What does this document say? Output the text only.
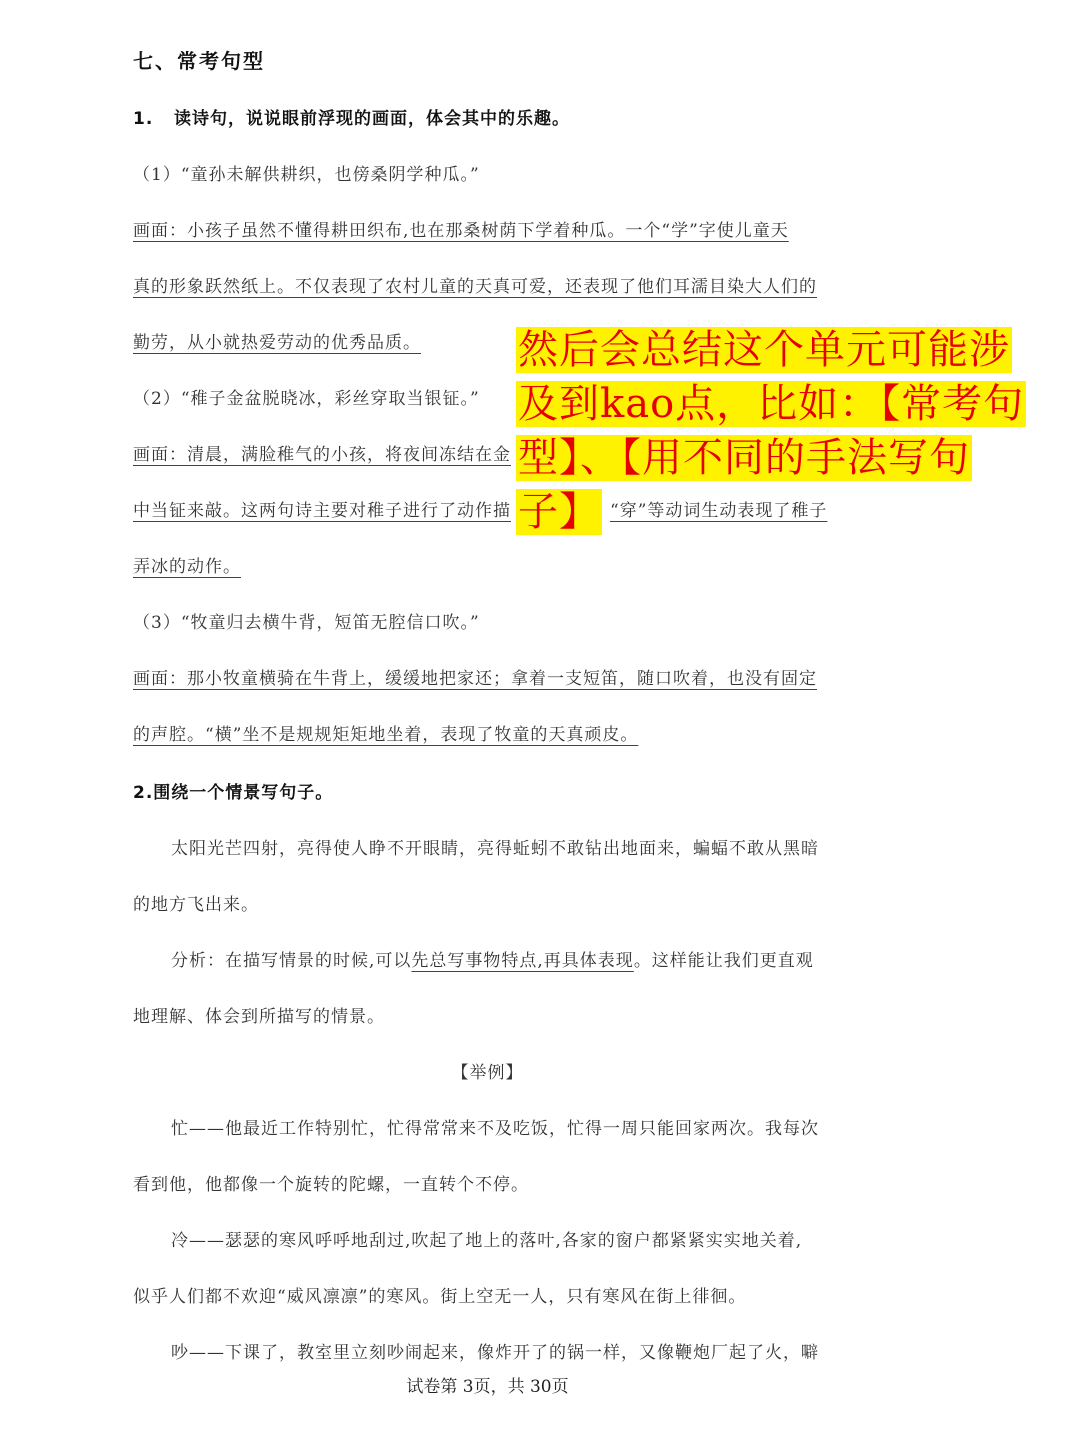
七、常考句型
1.   读诗句，说说眼前浮现的画面，体会其中的乐趣。
（1）“童孙未解供耕织，也傍桑阴学种瓜。”
画面：小孩子虽然不懂得耕田织布,也在那桑树荫下学着种瓜。一个“学”字使儿童天
真的形象跃然纸上。不仅表现了农村儿童的天真可爱，还表现了他们耳濡目染大人们的
勤劳，从小就热爱劳动的优秀品质。
（2）“稚子金盆脱晓冰，彩丝穿取当银钲。”
画面：清晨，满脸稚气的小孩，将夜间冻结在金
中当钲来敲。这两句诗主要对稚子进行了动作描	“穿”等动词生动表现了稚子
弄冰的动作。
（3）“牧童归去横牛背，短笛无腔信口吹。”
画面：那小牧童横骑在牛背上，缓缓地把家还；拿着一支短笛，随口吹着，也没有固定
的声腔。“横”坐不是规规矩矩地坐着，表现了牧童的天真顽皮。
2.围绕一个情景写句子。
太阳光芒四射，亮得使人睁不开眼睛，亮得蚯蚓不敢钻出地面来，蝙蝠不敢从黑暗
的地方飞出来。
分析：在描写情景的时候,可以先总写事物特点,再具体表现。这样能让我们更直观
地理解、体会到所描写的情景。
【举例】
忙——他最近工作特别忙，忙得常常来不及吃饭，忙得一周只能回家两次。我每次
看到他，他都像一个旋转的陀螺，一直转个不停。
冷——瑟瑟的寒风呼呼地刮过,吹起了地上的落叶,各家的窗户都紧紧实实地关着,
似乎人们都不欢迎“威风凛凛”的寒风。街上空无一人，只有寒风在街上徘徊。
吵——下课了，教室里立刻吵闹起来，像炸开了的锅一样，又像鞭炮厂起了火，噼
试卷第 3页，共 30页
然后会总结这个单元可能涉
及到kao点，比如：【常考句
型】、【用不同的手法写句
子】
